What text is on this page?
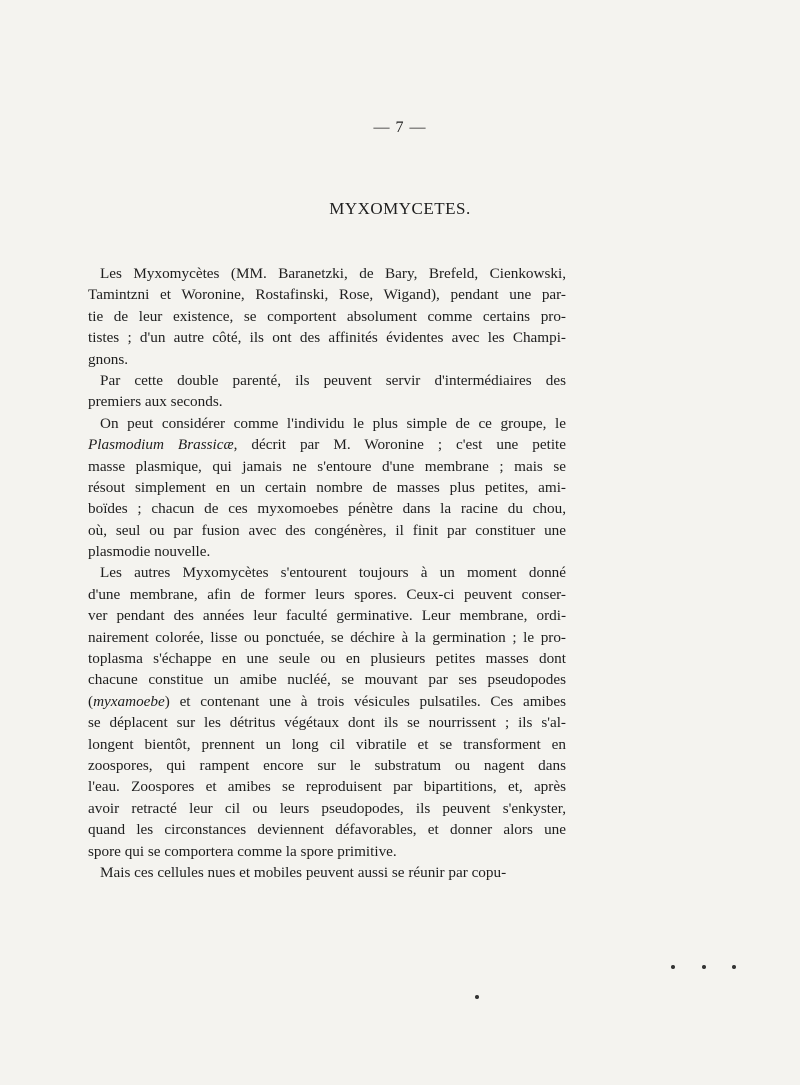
— 7 —
MYXOMYCETES.
Les Myxomycètes (MM. Baranetzki, de Bary, Brefeld, Cienkowski,
Tamintzni et Woronine, Rostafinski, Rose, Wigand), pendant une par-
tie de leur existence, se comportent absolument comme certains pro-
tistes ; d'un autre côté, ils ont des affinités évidentes avec les Champi-
gnons.
Par cette double parenté, ils peuvent servir d'intermédiaires des
premiers aux seconds.
On peut considérer comme l'individu le plus simple de ce groupe, le
Plasmodium Brassicæ, décrit par M. Woronine ; c'est une petite
masse plasmique, qui jamais ne s'entoure d'une membrane ; mais se
résout simplement en un certain nombre de masses plus petites, ami-
boïdes ; chacun de ces myxomoebes pénètre dans la racine du chou,
où, seul ou par fusion avec des congénères, il finit par constituer une
plasmodie nouvelle.
Les autres Myxomycètes s'entourent toujours à un moment donné
d'une membrane, afin de former leurs spores. Ceux-ci peuvent conser-
ver pendant des années leur faculté germinative. Leur membrane, ordi-
nairement colorée, lisse ou ponctuée, se déchire à la germination ; le pro-
toplasma s'échappe en une seule ou en plusieurs petites masses dont
chacune constitue un amibe nucléé, se mouvant par ses pseudopodes
(myxamoebe) et contenant une à trois vésicules pulsatiles. Ces amibes
se déplacent sur les détritus végétaux dont ils se nourrissent ; ils s'al-
longent bientôt, prennent un long cil vibratile et se transforment en
zoospores, qui rampent encore sur le substratum ou nagent dans
l'eau. Zoospores et amibes se reproduisent par bipartitions, et, après
avoir retracté leur cil ou leurs pseudopodes, ils peuvent s'enkyster,
quand les circonstances deviennent défavorables, et donner alors une
spore qui se comportera comme la spore primitive.
Mais ces cellules nues et mobiles peuvent aussi se réunir par copu-
